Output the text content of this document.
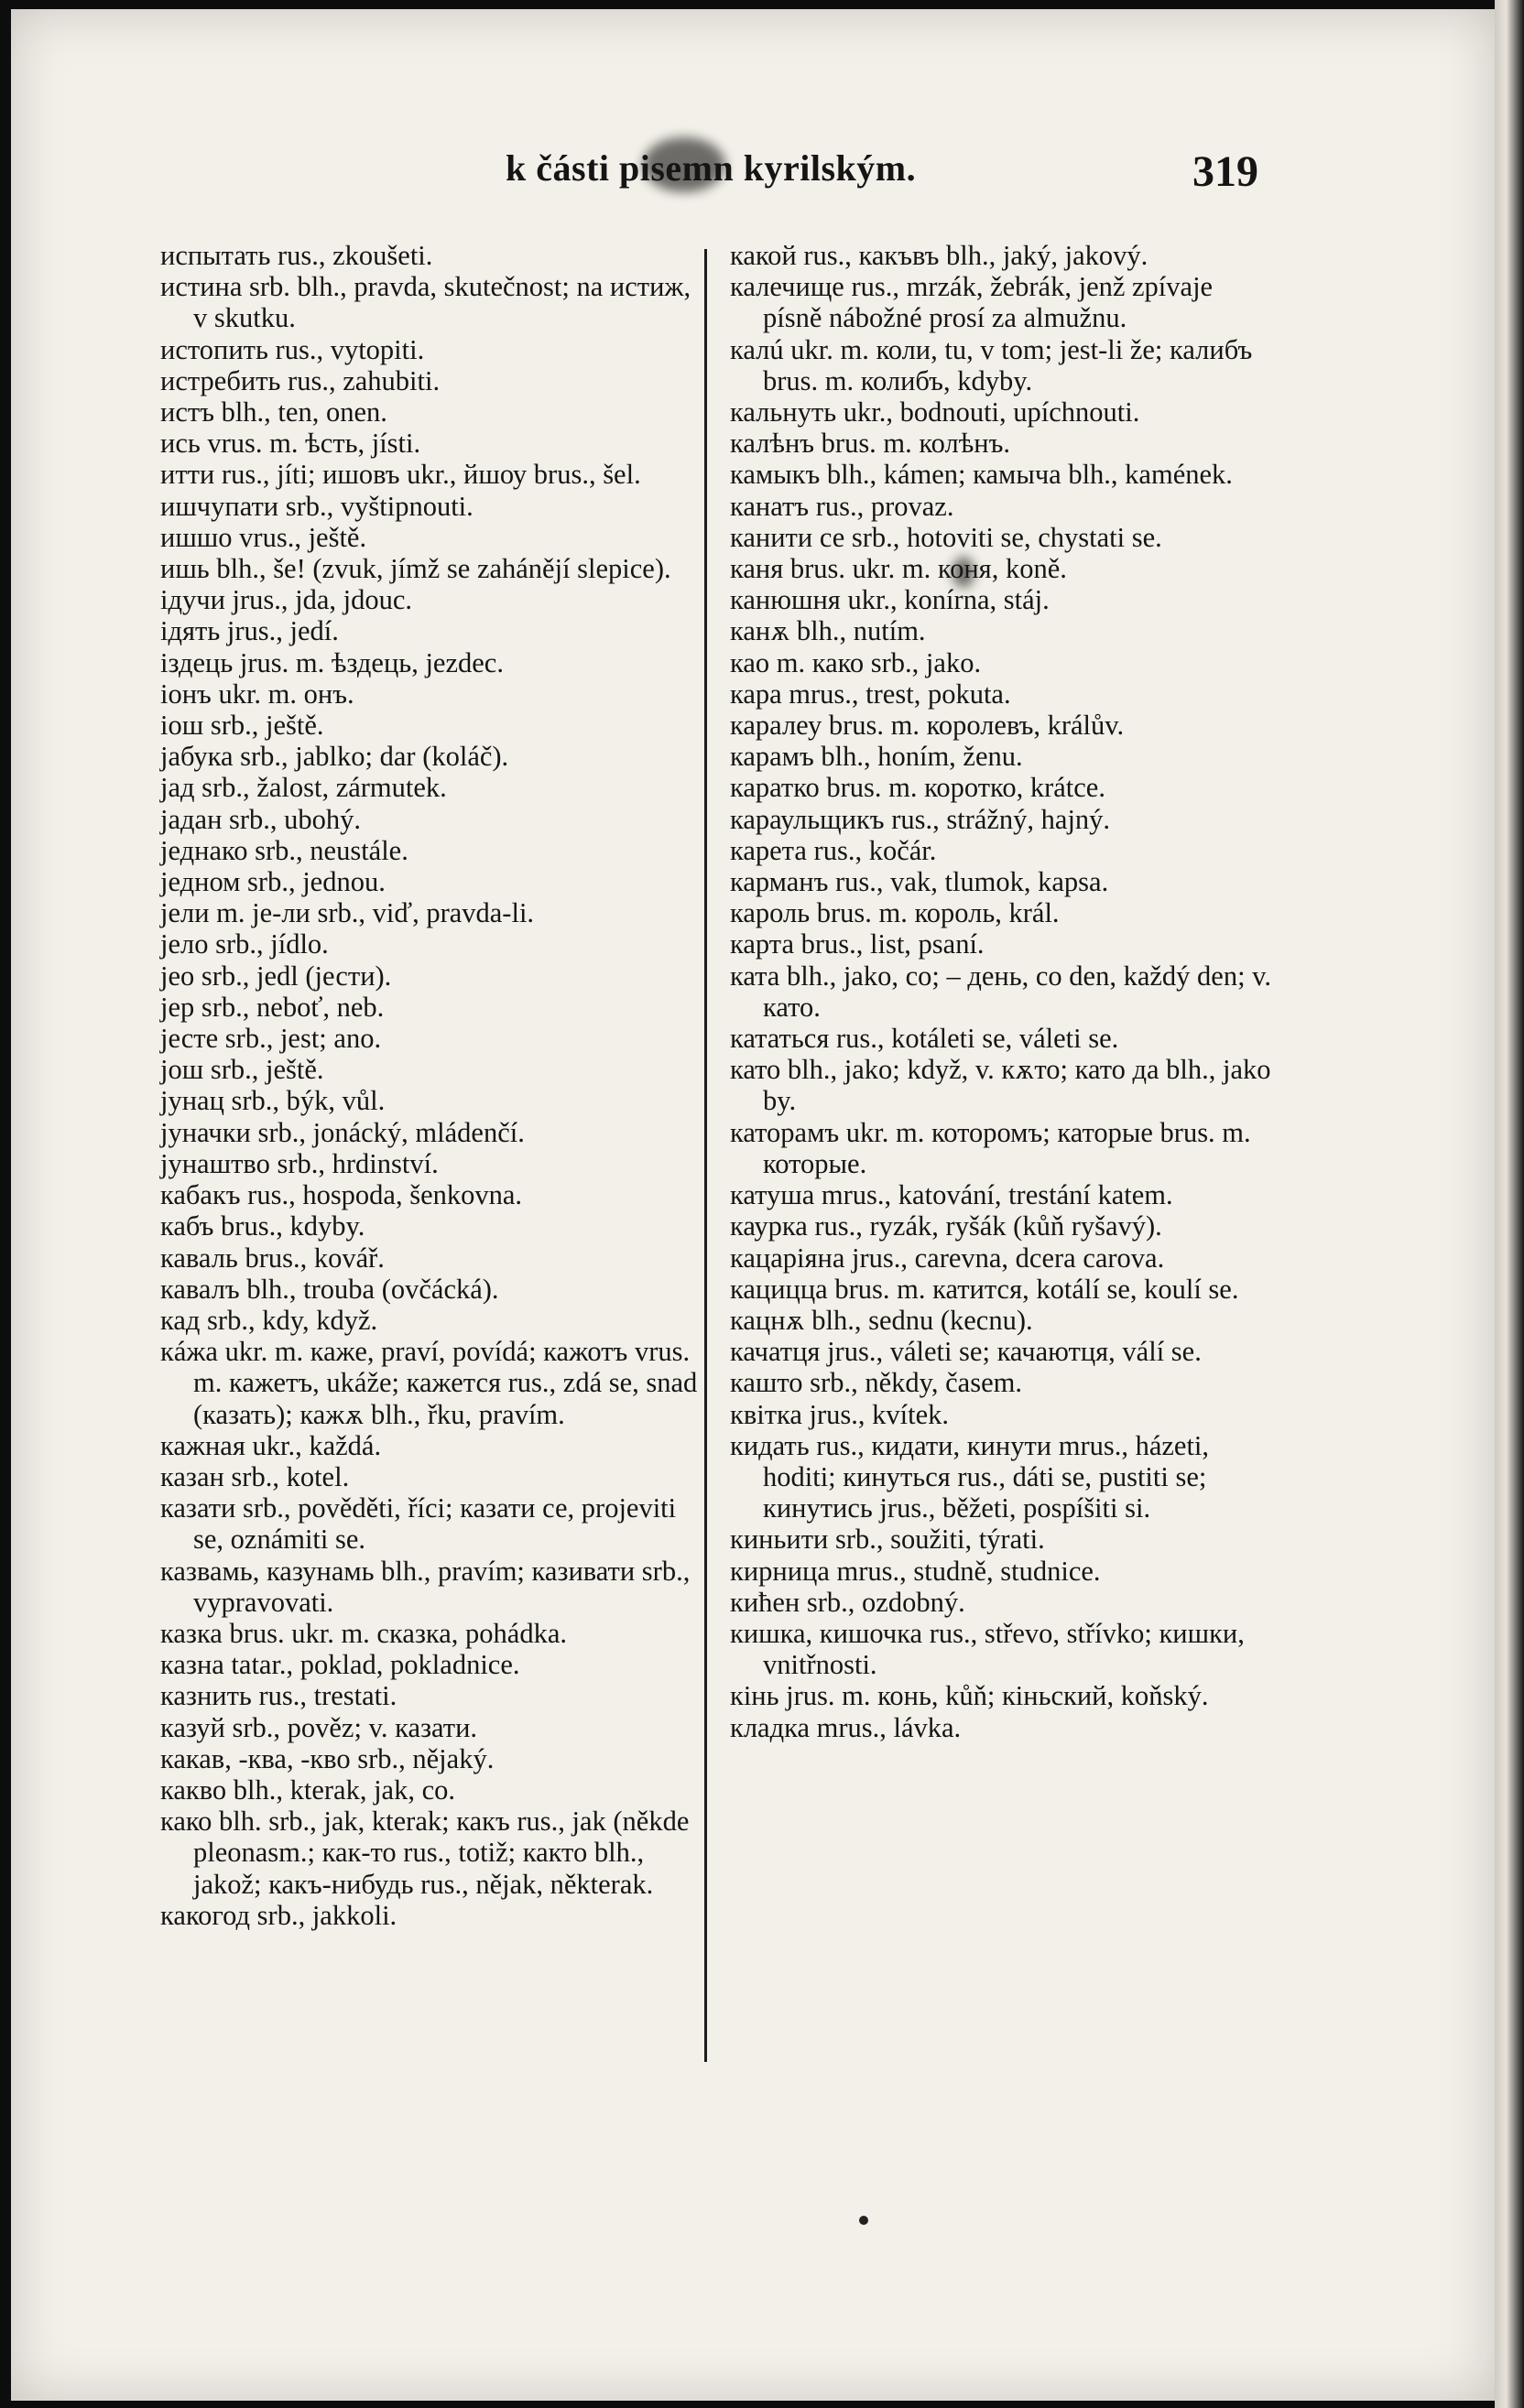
k části pisemn kyrilským.	319
испытать rus., zkoušeti.
истина srb. blh., pravda, skutečnost; na истиж, v skutku.
истопить rus., vytopiti.
истребить rus., zahubiti.
истъ blh., ten, onen.
ись vrus. m. ѣсть, jísti.
итти rus., jíti; ишовъ ukr., йшоу brus., šel.
ишчупати srb., vyštipnouti.
ишшо vrus., ještě.
ишь blh., še! (zvuk, jímž se zahánějí slepice).
ідучи jrus., jda, jdouc.
ідять jrus., jedí.
іздець jrus. m. ѣздець, jezdec.
іонъ ukr. m. онъ.
іош srb., ještě.
јабука srb., jablko; dar (koláč).
јад srb., žalost, zármutek.
јадан srb., ubohý.
једнако srb., neustále.
једном srb., jednou.
јели m. je-ли srb., viď, pravda-li.
јело srb., jídlo.
јео srb., jedl (јести).
јер srb., neboť, neb.
јесте srb., jest; ano.
још srb., ještě.
јунац srb., býk, vůl.
јуначки srb., jonácký, mládenčí.
јунаштво srb., hrdinství.
кабакъ rus., hospoda, šenkovna.
кабъ brus., kdyby.
каваль brus., kovář.
кавалъ blh., trouba (ovčácká).
кад srb., kdy, když.
кáжа ukr. m. каже, praví, povídá; кажотъ vrus. m. кажетъ, ukáže; кажется rus., zdá se, snad (казать); кажѫ blh., řku, pravím.
кажная ukr., každá.
казан srb., kotel.
казати srb., pověděti, říci; казати се, projeviti se, oznámiti se.
казвамь, казунамь blh., pravím; казивати srb., vypravovati.
казка brus. ukr. m. сказка, pohádka.
казна tatar., poklad, pokladnice.
казнить rus., trestati.
казуй srb., pověz; v. казати.
какав, -ква, -кво srb., nějaký.
какво blh., kterak, jak, co.
како blh. srb., jak, kterak; какъ rus., jak (někde pleonasm.; как-то rus., totiž; както blh., jakož; какъ-нибудь rus., nějak, některak.
какогод srb., jakkoli.
какой rus., какъвъ blh., jaký, jakový.
калечище rus., mrzák, žebrák, jenž zpívaje písně nábožné prosí za almužnu.
калú ukr. m. коли, tu, v tom; jest-li že; калибъ brus. m. колибъ, kdyby.
кальнуть ukr., bodnouti, upíchnouti.
калѣнъ brus. m. колѣнъ.
камыкъ blh., kámen; камыча blh., kamének.
канатъ rus., provaz.
канити се srb., hotoviti se, chystati se.
каня brus. ukr. m. коня, koně.
канюшня ukr., konírna, stáj.
канѫ blh., nutím.
као m. како srb., jako.
кара mrus., trest, pokuta.
каралеу brus. m. королевъ, králův.
карамъ blh., honím, ženu.
каратко brus. m. коротко, krátce.
караульщикъ rus., strážný, hajný.
карета rus., kočár.
карманъ rus., vak, tlumok, kapsa.
кароль brus. m. король, král.
карта brus., list, psaní.
ката blh., jako, co; – день, co den, každý den; v. като.
кататься rus., kotáleti se, váleti se.
като blh., jako; když, v. кѫто; като да blh., jako by.
каторамъ ukr. m. которомъ; каторые brus. m. которые.
катуша mrus., katování, trestání katem.
каурка rus., ryzák, ryšák (kůň ryšavý).
кацаріяна jrus., carevna, dcera carova.
кацицца brus. m. катится, kotálí se, koulí se.
кацнѫ blh., sednu (kecnu).
качатця jrus., váleti se; качаютця, válí se.
кашто srb., někdy, časem.
квітка jrus., kvítek.
кидать rus., кидати, кинути mrus., házeti, hoditi; кинуться rus., dáti se, pustiti se; кинутись jrus., běžeti, pospíšiti si.
киньити srb., soužiti, týrati.
кирница mrus., studně, studnice.
кићен srb., ozdobný.
кишка, кишочка rus., střevo, střívko; кишки, vnitřnosti.
кінь jrus. m. конь, kůň; кіньский, koňský.
кладка mrus., lávka.
